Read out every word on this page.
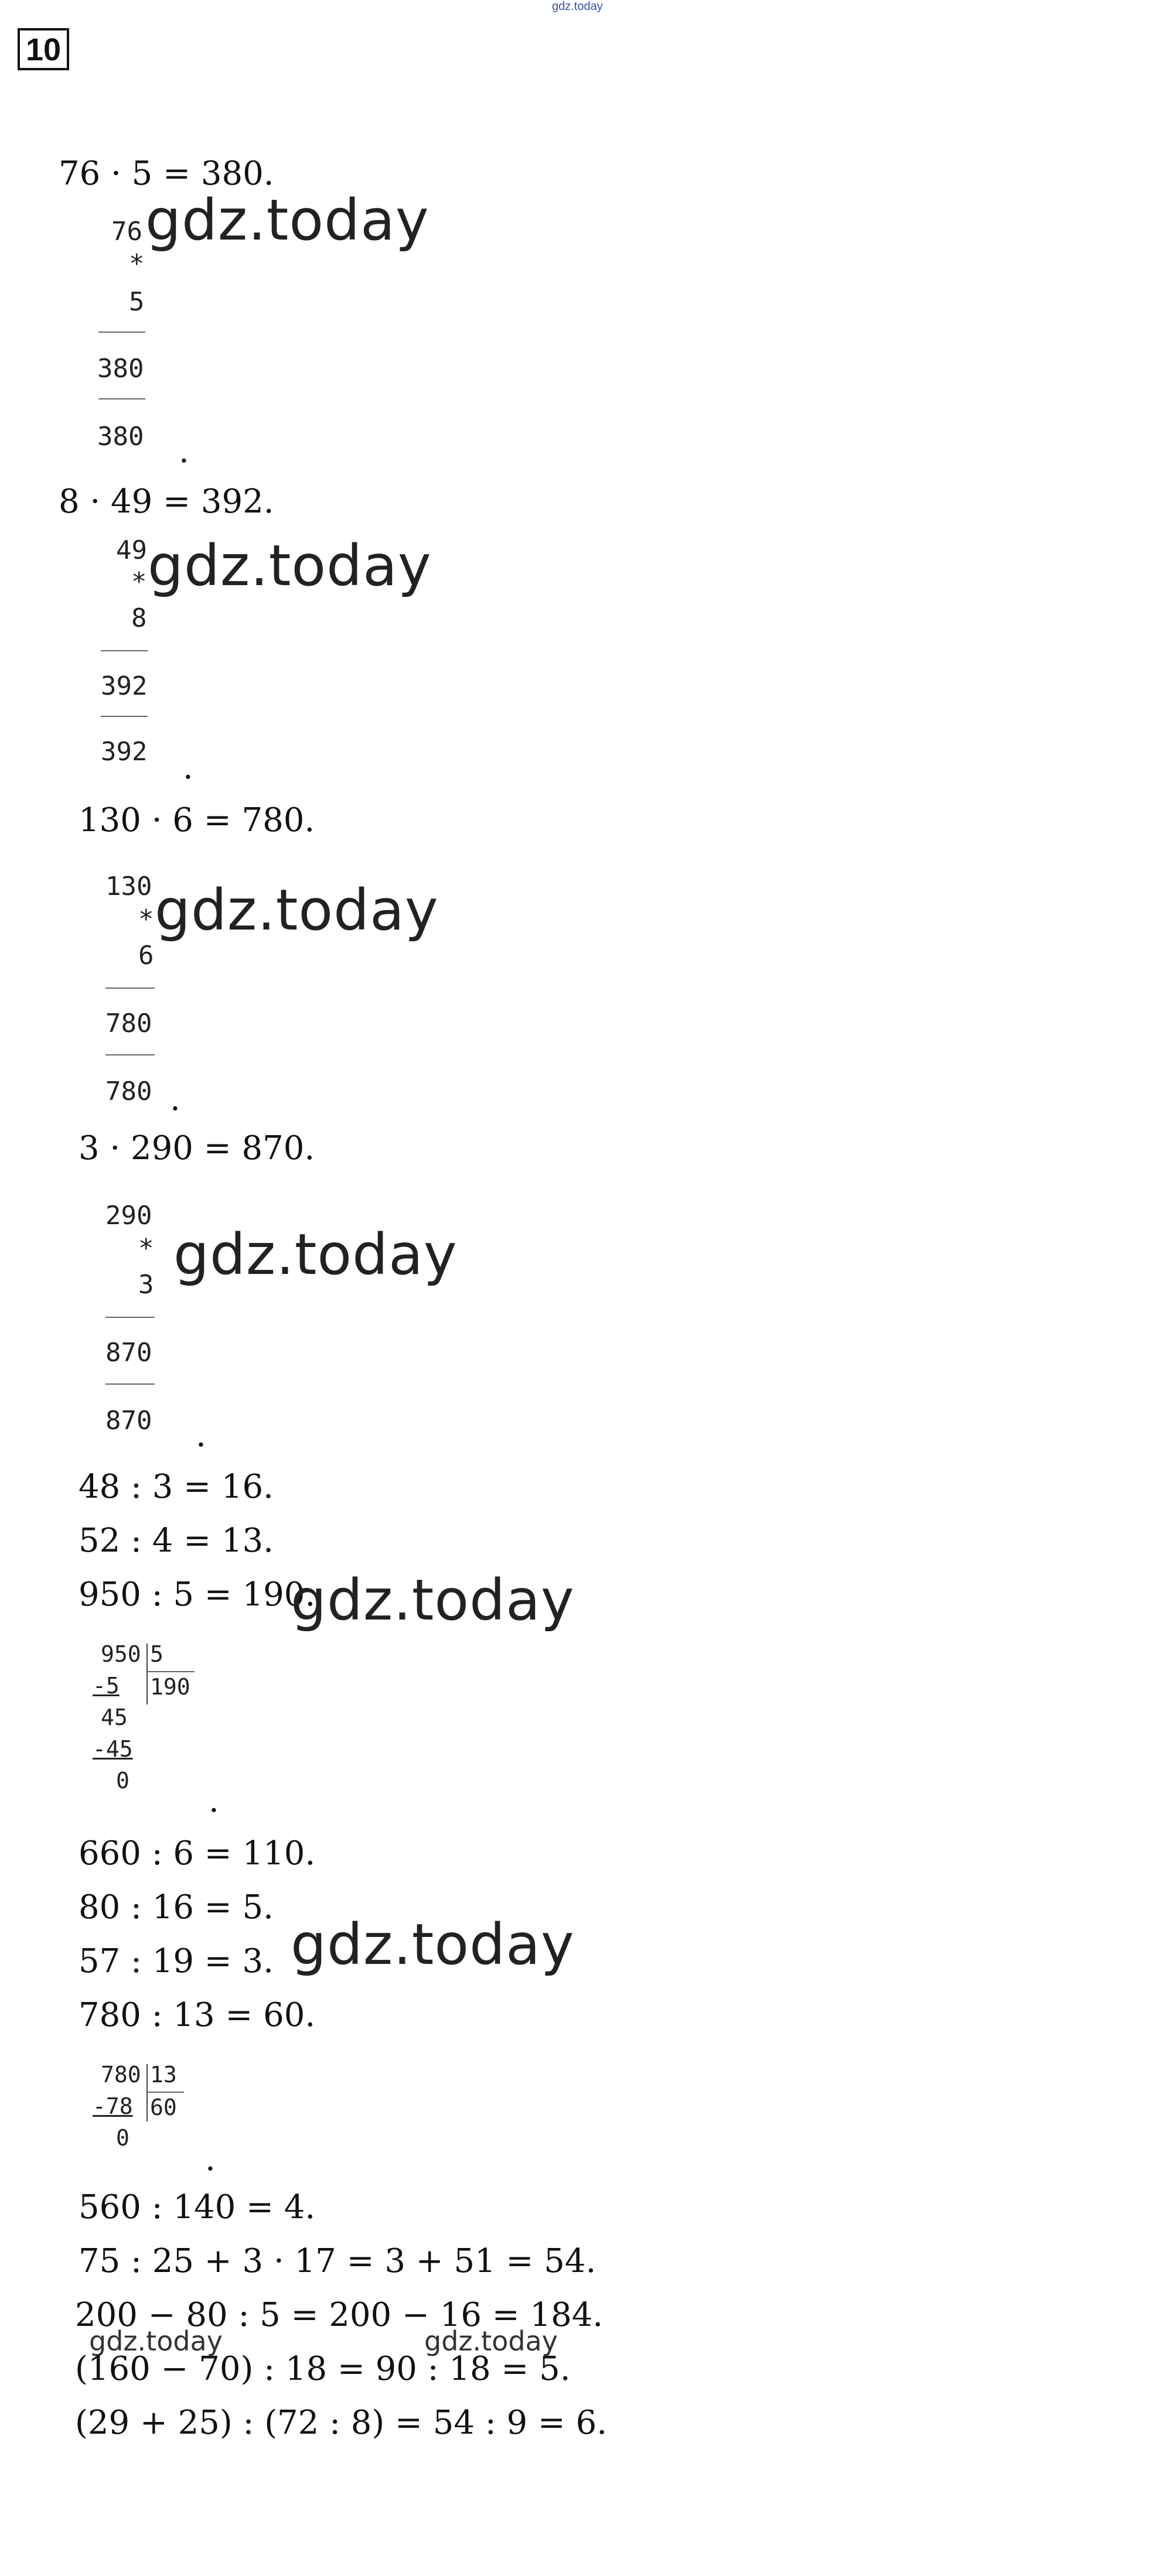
gdz.today
10
76 · 5 = 380.
76 gdz.today
*
5
380
380 .
8 · 49 = 392.
49 gdz.today
*
8
392
392 .
130 · 6 = 780.
130
* gdz.today
6
780
780 .
3 · 290 = 870.
290
* gdz.today
3
870
870 .
48 : 3 = 16.
52 : 4 = 13.
950 : 5 = 190.
gdz.today
950 5
190
-5
45
-45
0
.
660 : 6 = 110.
80 : 16 = 5.
gdz.today
57 : 19 = 3.
780 : 13 = 60.
780 13
60
-78
0
.
560 : 140 = 4.
75 : 25 + 3 · 17 = 3 + 51 = 54.
200 − 80 : 5 = 200 − 16 = 184.
gdz.today	gdz.today
(160 − 70) : 18 = 90 : 18 = 5.
(29 + 25) : (72 : 8) = 54 : 9 = 6.
